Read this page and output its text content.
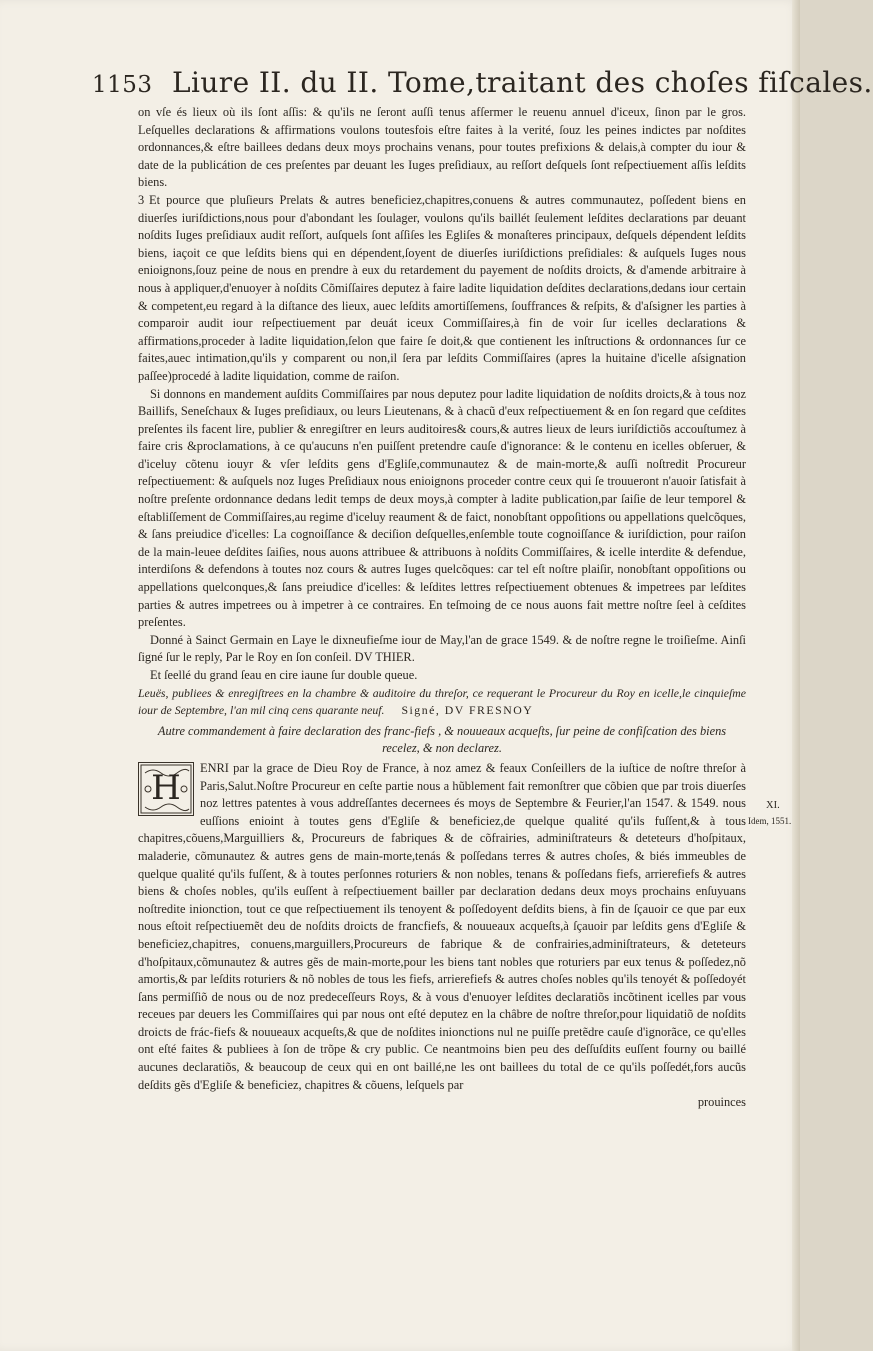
1153 Liure II. du II. Tome,traitant des choſes fiſcales.

on vſe és lieux où ils ſont aſſis: & qu'ils ne ſeront auſſi tenus afſermer le reuenu annuel d'iceux, ſinon par le gros. Leſquelles declarations & affirmations voulons toutesfois eſtre faites à la verité, ſouz les peines indictes par noſdites ordonnances,& eſtre baillees dedans deux moys prochains venans, pour toutes prefixions & delais,à compter du iour & date de la publicátion de ces preſentes par deuant les Iuges preſidiaux, au reſſort deſquels ſont reſpectiuement aſſis leſdits biens.

3 Et pource que pluſieurs Prelats & autres beneficiez,chapitres,conuens & autres communautez, poſſedent biens en diuerſes iuriſdictions,nous pour d'abondant les ſoulager, voulons qu'ils baillét ſeulement leſdites declarations par deuant noſdits Iuges preſidiaux audit reſſort, auſquels ſont aſſiſes les Egliſes & monaſteres principaux, deſquels dépendent leſdits biens, iaçoit ce que leſdits biens qui en dépendent,ſoyent de diuerſes iuriſdictions preſidiales: & auſquels Iuges nous enioignons,ſouz peine de nous en prendre à eux du retardement du payement de noſdits droicts, & d'amende arbitraire à nous à appliquer,d'enuoyer à noſdits Cõmiſſaires deputez à faire ladite liquidation deſdites declarations,dedans iour certain & competent,eu regard à la diſtance des lieux, auec leſdits amortiſſemens, ſouffrances & reſpits, & d'aſsigner les parties à comparoir audit iour reſpectiuement par deuát iceux Commiſſaires,à fin de voir ſur icelles declarations & affirmations,proceder à ladite liquidation,ſelon que faire ſe doit,& que contienent les inſtructions & ordonnances ſur ce faites,auec intimation,qu'ils y comparent ou non,il ſera par leſdits Commiſſaires (apres la huitaine d'icelle aſsignation paſſee)procedé à ladite liquidation, comme de raiſon.

Si donnons en mandement auſdits Commiſſaires par nous deputez pour ladite liquidation de noſdits droicts,& à tous noz Baillifs, Seneſchaux & Iuges preſidiaux, ou leurs Lieutenans, & à chacũ d'eux reſpectiuement & en ſon regard que ceſdites preſentes ils facent lire, publier & enregiſtrer en leurs auditoires& cours,& autres lieux de leurs iuriſdictiõs accouſtumez à faire cris &proclamations, à ce qu'aucuns n'en puiſſent pretendre cauſe d'ignorance: & le contenu en icelles obſeruer, & d'iceluy cõtenu iouyr & vſer leſdits gens d'Egliſe,communautez & de main-morte,& auſſi noſtredit Procureur reſpectiuement: & auſquels noz Iuges Preſidiaux nous enioignons proceder contre ceux qui ſe trouueront n'auoir ſatisfait à noſtre preſente ordonnance dedans ledit temps de deux moys,à compter à ladite publication,par ſaiſie de leur temporel & eſtabliſſement de Commiſſaires,au regime d'iceluy reaument & de faict, nonobſtant oppoſitions ou appellations quelcõques, & ſans preiudice d'icelles: La cognoiſſance & deciſion deſquelles,enſemble toute cognoiſſance & iuriſdiction, pour raiſon de la main-leuee deſdites ſaiſies, nous auons attribuee & attribuons à noſdits Commiſſaires, & icelle interdite & defendue, interdiſons & defendons à toutes noz cours & autres Iuges quelcõques: car tel eſt noſtre plaiſir, nonobſtant oppoſitions ou appellations quelconques,& ſans preiudice d'icelles: & leſdites lettres reſpectiuement obtenues & impetrees par leſdites parties & autres impetrees ou à impetrer à ce contraires. En teſmoing de ce nous auons fait mettre noſtre ſeel à ceſdites preſentes.

Donné à Sainct Germain en Laye le dixneufieſme iour de May,l'an de grace 1549. & de noſtre regne le troiſieſme. Ainſi ſigné ſur le reply, Par le Roy en ſon conſeil. DV THIER.

Et ſeellé du grand ſeau en cire iaune ſur double queue.

Leuës, publiees & enregiſtrees en la chambre & auditoire du threſor, ce requerant le Procureur du Roy en icelle,le cinquieſme iour de Septembre, l'an mil cinq cens quarante neuf. Signé, DV FRESNOY

Autre commandement à faire declaration des franc-fiefs , & nouueaux acqueſts, ſur peine de confiſcation des biens recelez, & non declarez.

H
ENRI par la grace de Dieu Roy de France, à noz amez & feaux Conſeillers de la iuſtice de noſtre threſor à Paris,Salut.Noſtre Procureur en ceſte partie nous a hũblement fait remonſtrer que cõbien que par trois diuerſes noz lettres patentes à vous addreſſantes decernees és moys de Septembre & Feurier,l'an 1547. & 1549. nous euſſions enioint à toutes gens d'Egliſe & beneficiez,de quelque qualité qu'ils fuſſent,& à tous chapitres,cõuens,Marguilliers &, Procureurs de fabriques & de cõfrairies, adminiſtrateurs & deteteurs d'hoſpitaux, maladerie, cõmunautez & autres gens de main-morte,tenás & poſſedans terres & autres choſes, & biés immeubles de quelque qualité qu'ils fuſſent, & à toutes perſonnes roturiers & non nobles, tenans & poſſedans fiefs, arrierefiefs & autres biens & choſes nobles, qu'ils euſſent à reſpectiuement bailler par declaration dedans deux moys prochains enſuyuans noſtredite inionction, tout ce que reſpectiuement ils tenoyent & poſſedoyent deſdits biens, à fin de ſçauoir ce que par eux nous eſtoit reſpectiuemẽt deu de noſdits droicts de francfiefs, & nouueaux acqueſts,à ſçauoir par leſdits gens d'Egliſe & beneficiez,chapitres, conuens,marguillers,Procureurs de fabrique & de confrairies,adminiſtrateurs, & deteteurs d'hoſpitaux,cõmunautez & autres gẽs de main-morte,pour les biens tant nobles que roturiers par eux tenus & poſſedez,nõ amortis,& par leſdits roturiers & nõ nobles de tous les fiefs, arrierefiefs & autres choſes nobles qu'ils tenoyét & poſſedoyét ſans permiſſiõ de nous ou de noz predeceſſeurs Roys, & à vous d'enuoyer leſdites declaratiõs incõtinent icelles par vous receues par deuers les Commiſſaires qui par nous ont eſté deputez en la châbre de noſtre threſor,pour liquidatiõ de noſdits droicts de frác-fiefs & nouueaux acqueſts,& que de noſdites inionctions nul ne puiſſe pretẽdre cauſe d'ignorãce, ce qu'elles ont eſté faites & publiees à ſon de trõpe & cry public. Ce neantmoins bien peu des deſſuſdits euſſent fourny ou baillé aucunes declaratiõs, & beaucoup de ceux qui en ont baillé,ne les ont baillees du total de ce qu'ils poſſedét,fors aucũs deſdits gẽs d'Egliſe & beneficiez, chapitres & cõuens, leſquels par

prouinces

XI.
Idem, 1551.
